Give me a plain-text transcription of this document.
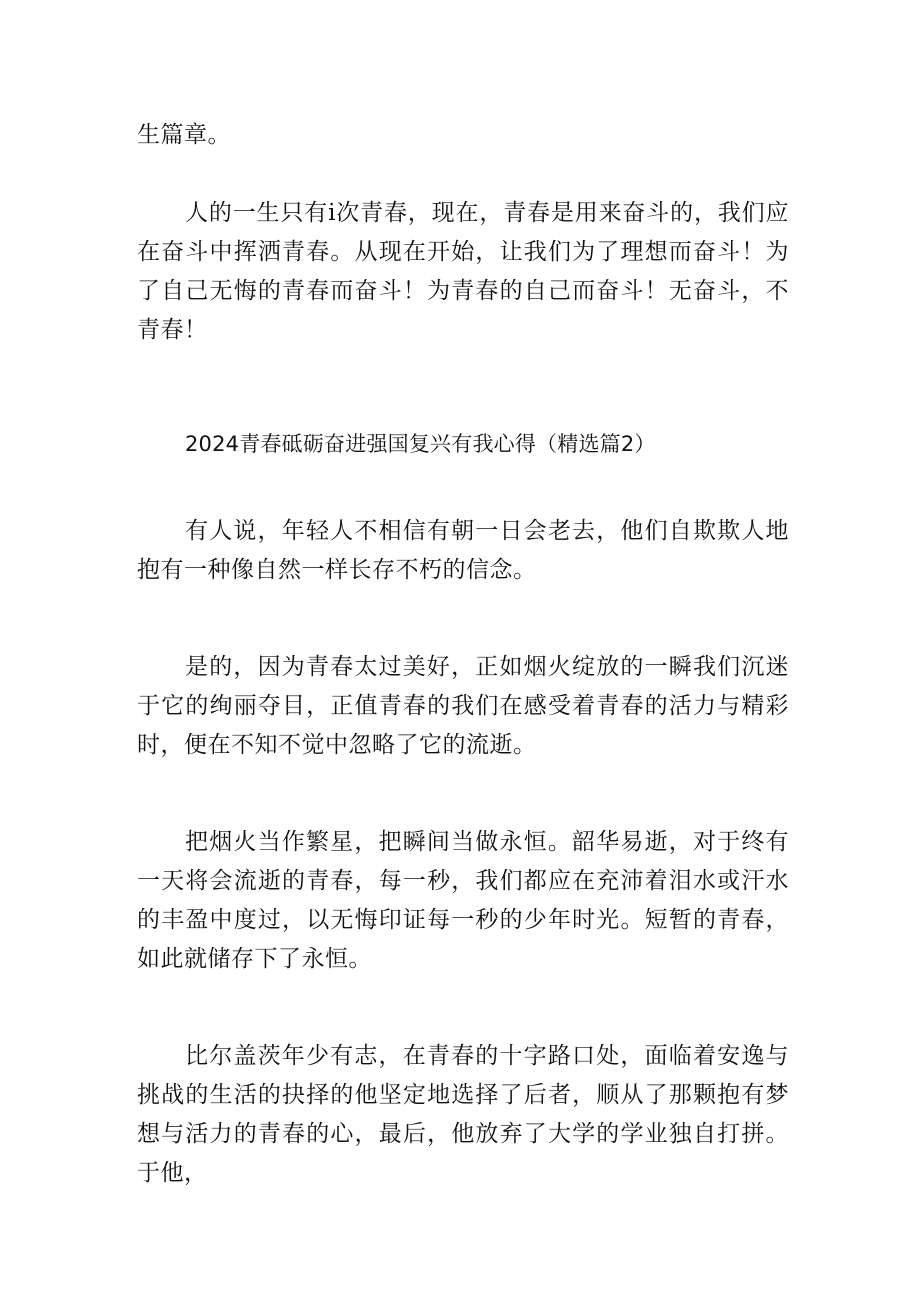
生篇章。

人的一生只有i次青春，现在，青春是用来奋斗的，我们应在奋斗中挥洒青春。从现在开始，让我们为了理想而奋斗！为了自己无悔的青春而奋斗！为青春的自己而奋斗！无奋斗，不青春！

2024青春砥砺奋进强国复兴有我心得（精选篇2）

有人说，年轻人不相信有朝一日会老去，他们自欺欺人地抱有一种像自然一样长存不朽的信念。

是的，因为青春太过美好，正如烟火绽放的一瞬我们沉迷于它的绚丽夺目，正值青春的我们在感受着青春的活力与精彩时，便在不知不觉中忽略了它的流逝。

把烟火当作繁星，把瞬间当做永恒。韶华易逝，对于终有一天将会流逝的青春，每一秒，我们都应在充沛着泪水或汗水的丰盈中度过，以无悔印证每一秒的少年时光。短暂的青春，如此就储存下了永恒。

比尔盖茨年少有志，在青春的十字路口处，面临着安逸与挑战的生活的抉择的他坚定地选择了后者，顺从了那颗抱有梦想与活力的青春的心，最后，他放弃了大学的学业独自打拼。于他，
